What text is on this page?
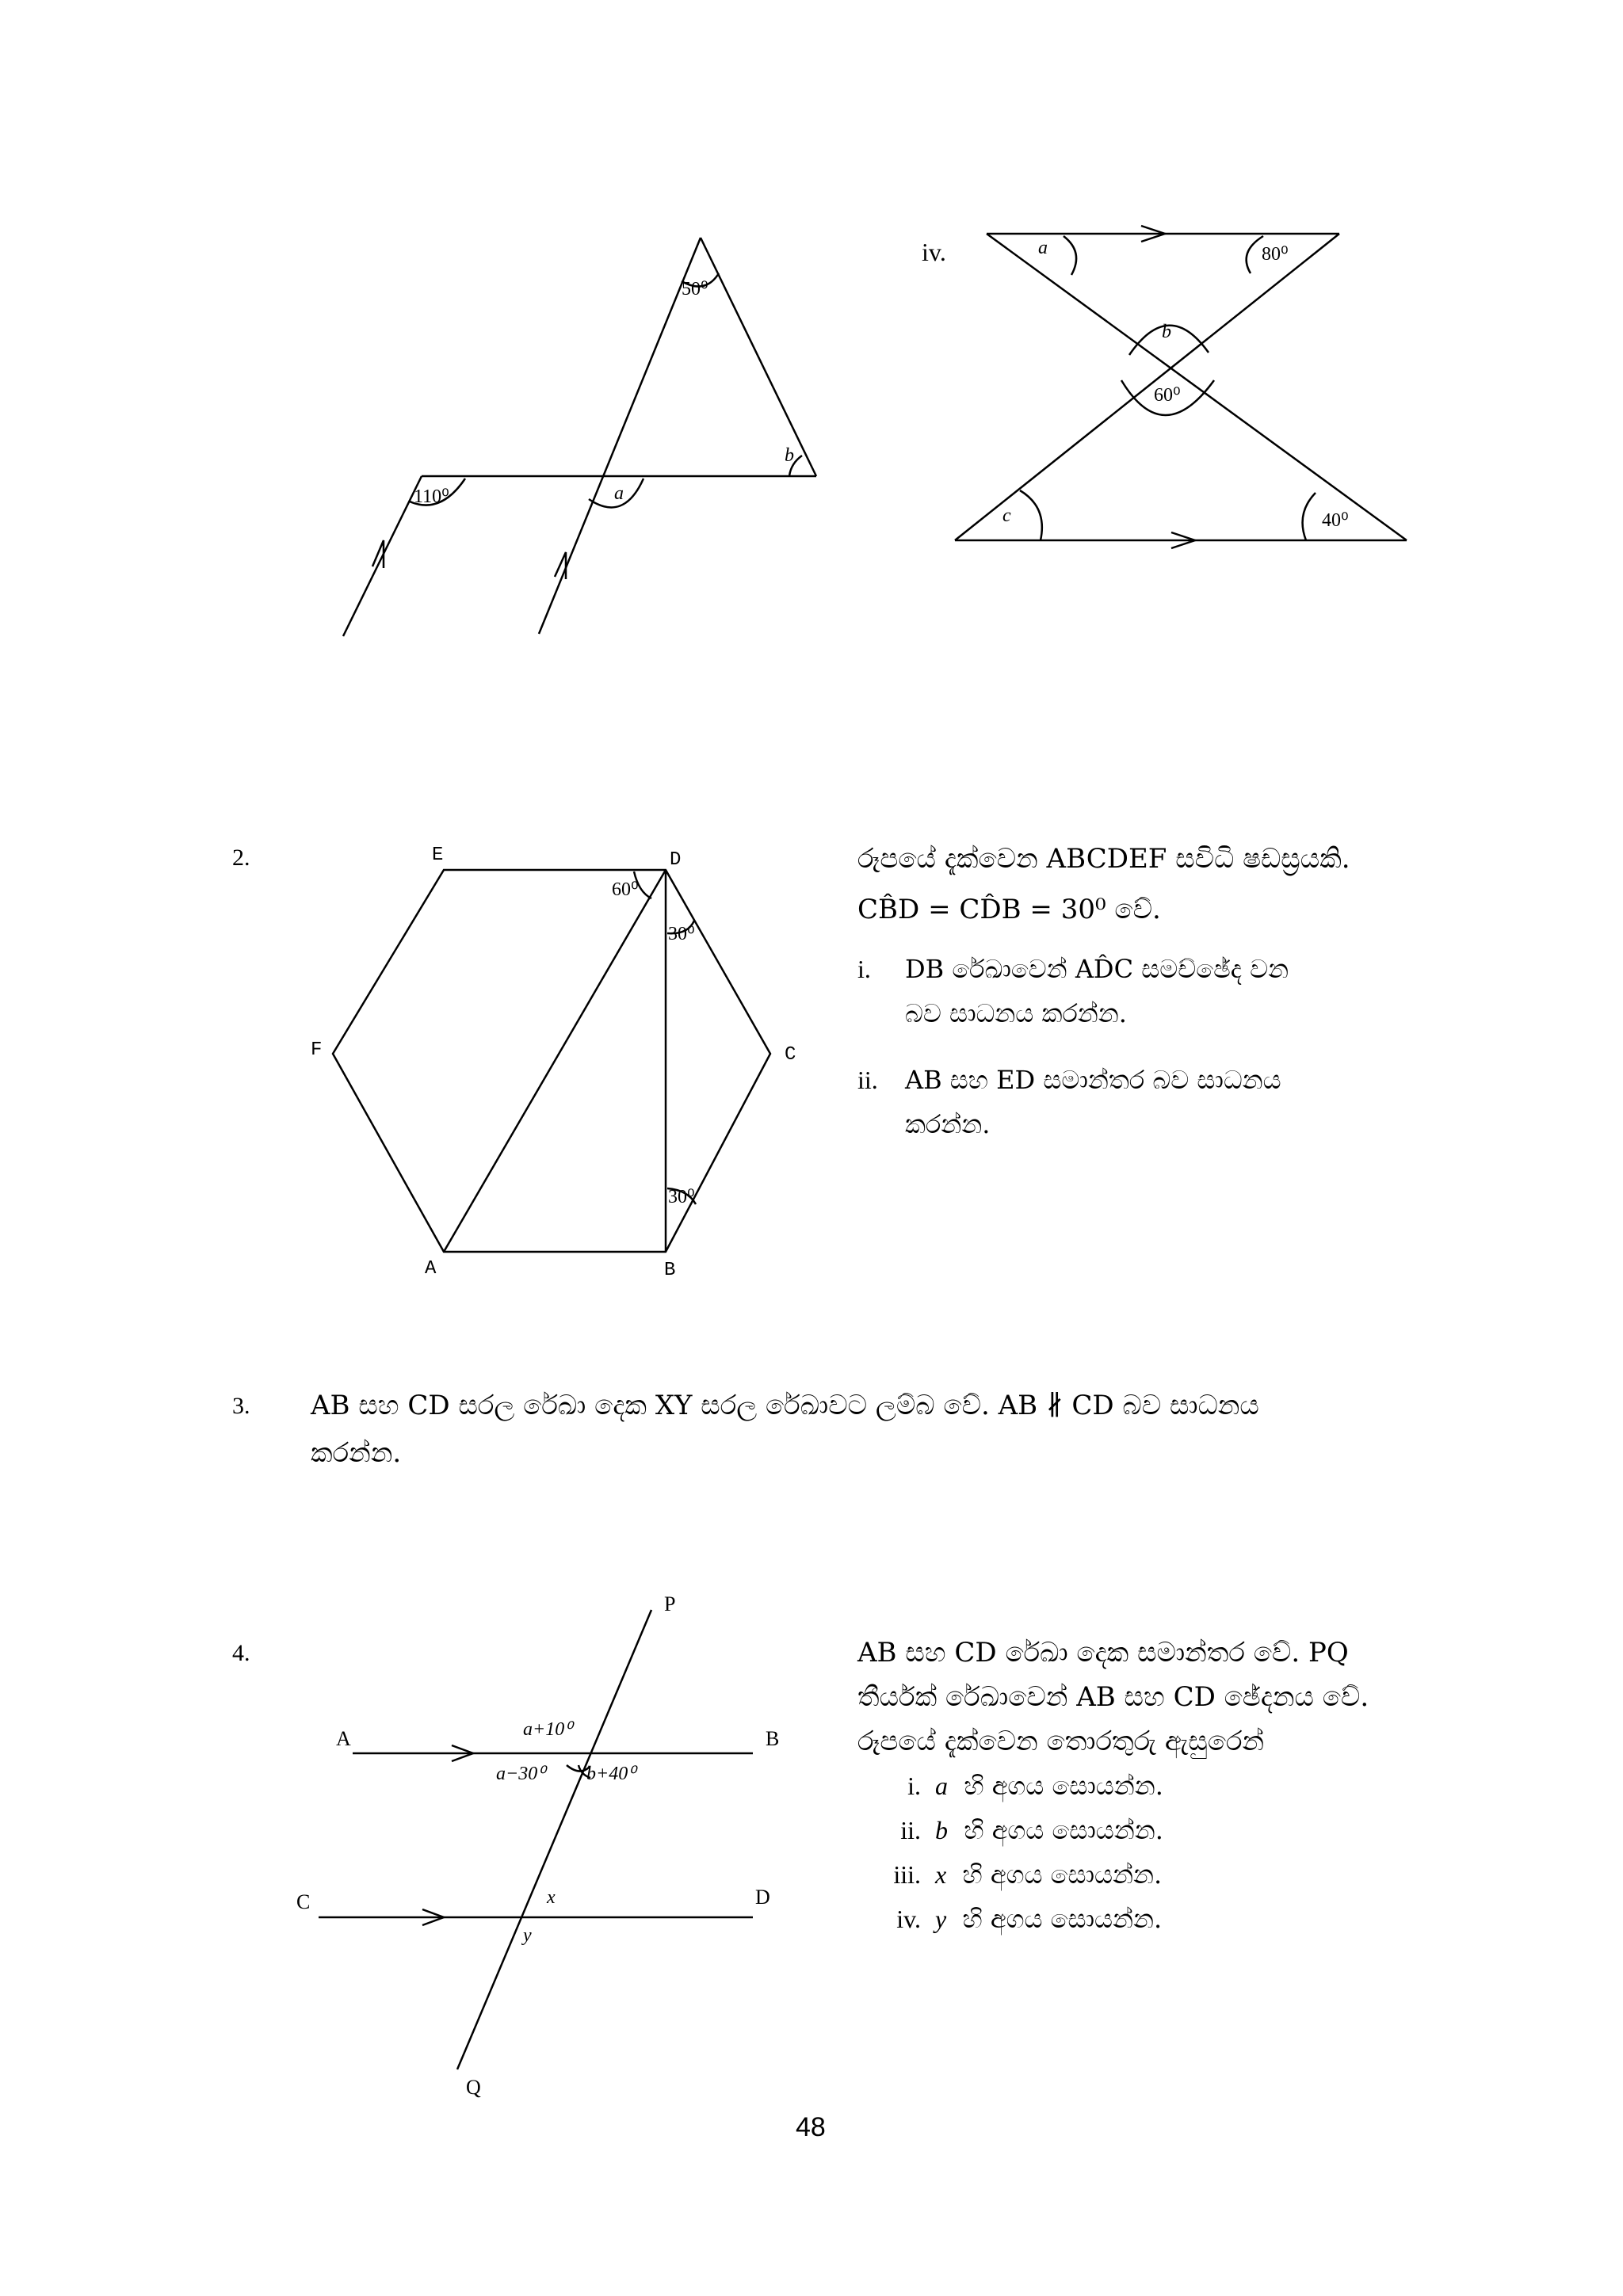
50⁰
b
110⁰	a
iv.	a	80⁰
b
60⁰
c	40⁰
2.	E	D
F	C
A	B
60⁰
30⁰
30⁰
රූපයේ දැක්වෙන ABCDEF සවිධි ෂඩස්‍රයකි.
CB̂D = CD̂B = 30⁰ වේ.
i. DB රේඛාවෙන් AD̂C සමච්ඡේද වන
බව සාධනය කරන්න.
ii. AB සහ ED සමාන්තර බව සාධනය
කරන්න.
3. AB සහ CD සරල රේඛා දෙක XY සරල රේඛාවට ලම්බ වේ. AB ∦ CD බව සාධනය
කරන්න.
4.
P
Q
A	B
C	D
a+10⁰
a−30⁰ b+40⁰
x
y
AB සහ CD රේඛා දෙක සමාන්තර වේ. PQ
තීර්යක් රේඛාවෙන් AB සහ CD ඡේදනය වේ.
රූපයේ දැක්වෙන තොරතුරු ඇසුරෙන්
i. a හි අගය සොයන්න.
ii. b හි අගය සොයන්න.
iii. x හි අගය සොයන්න.
iv. y හි අගය සොයන්න.
48
